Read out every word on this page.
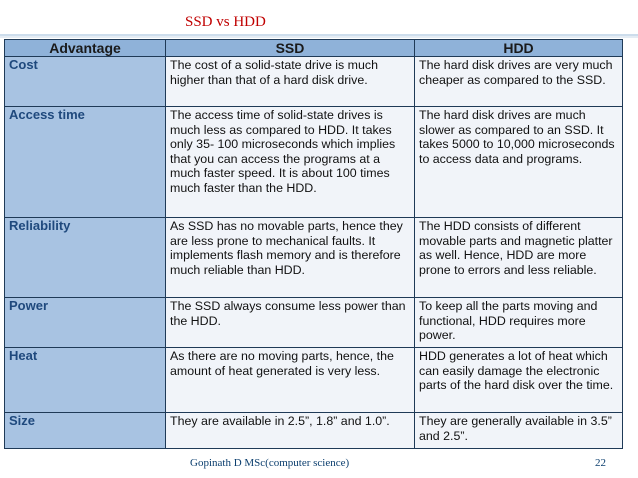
SSD vs HDD
Advantage	SSD	HDD
Cost	The cost of a solid-state drive is much higher than that of a hard disk drive.	The hard disk drives are very much cheaper as compared to the SSD.
Access time	The access time of solid-state drives is much less as compared to HDD. It takes only 35- 100 microseconds which implies that you can access the programs at a much faster speed. It is about 100 times much faster than the HDD.	The hard disk drives are much slower as compared to an SSD. It takes 5000 to 10,000 microseconds to access data and programs.
Reliability	As SSD has no movable parts, hence they are less prone to mechanical faults. It implements flash memory and is therefore much reliable than HDD.	The HDD consists of different movable parts and magnetic platter as well. Hence, HDD are more prone to errors and less reliable.
Power	The SSD always consume less power than the HDD.	To keep all the parts moving and functional, HDD requires more power.
Heat	As there are no moving parts, hence, the amount of heat generated is very less.	HDD generates a lot of heat which can easily damage the electronic parts of the hard disk over the time.
Size	They are available in 2.5”, 1.8” and 1.0”.	They are generally available in 3.5” and 2.5”.
Gopinath D MSc(computer science)	22
